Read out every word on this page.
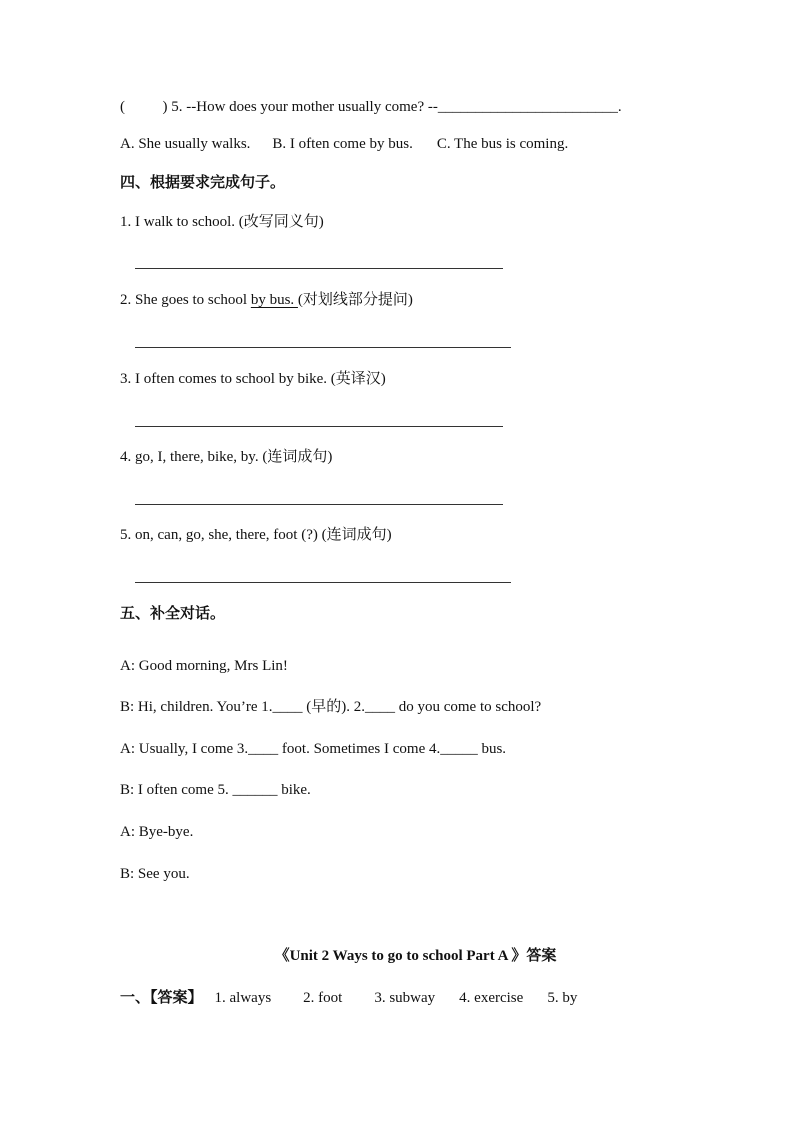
(          ) 5. --How does your mother usually come? --________________________.
A. She usually walks. B. I often come by bus. C. The bus is coming.
四、根据要求完成句子。
1. I walk to school. (改写同义句)
2. She goes to school by bus. (对划线部分提问)
3. I often comes to school by bike. (英译汉)
4. go, I, there, bike, by. (连词成句)
5. on, can, go, she, there, foot (?) (连词成句)
五、补全对话。
A: Good morning, Mrs Lin!
B: Hi, children. You’re 1.____ (早的). 2.____ do you come to school?
A: Usually, I come 3.____ foot. Sometimes I come 4._____ bus.
B: I often come 5. ______ bike.
A: Bye-bye.
B: See you.
《Unit 2 Ways to go to school Part A 》答案
一、【答案】 1. always 2. foot 3. subway 4. exercise 5. by
